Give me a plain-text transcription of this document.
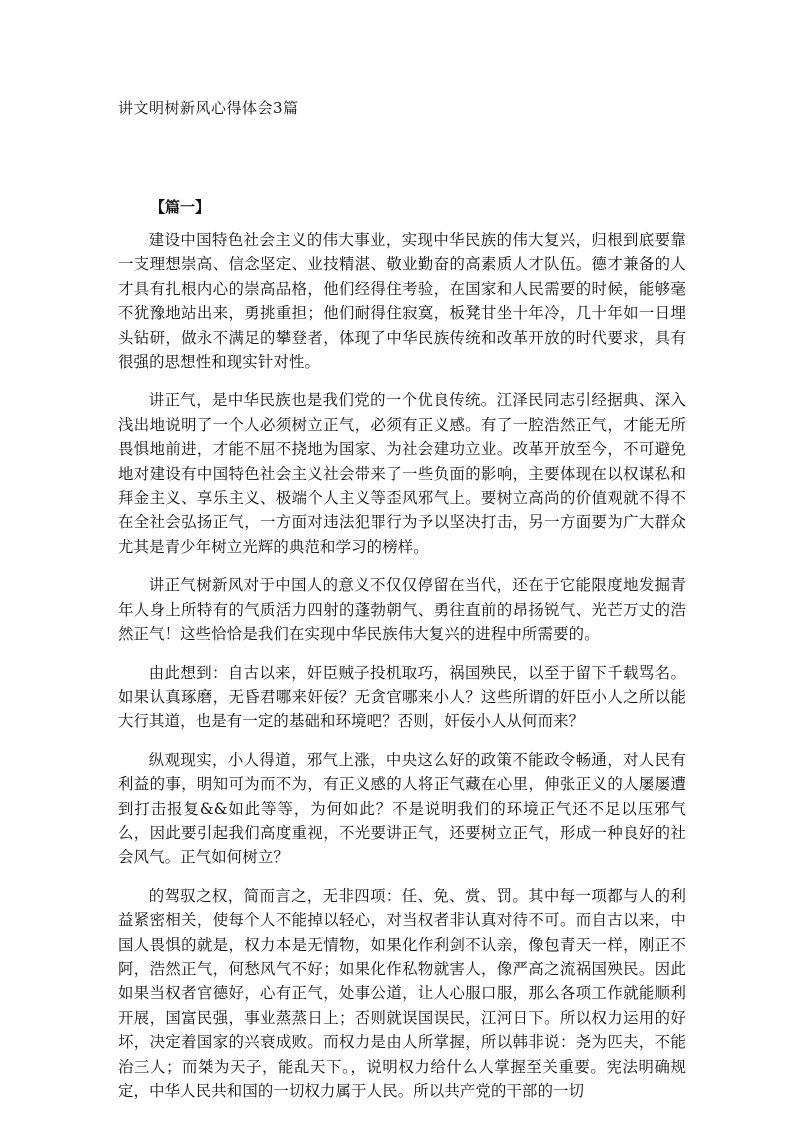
讲文明树新风心得体会3篇
【篇一】

建设中国特色社会主义的伟大事业，实现中华民族的伟大复兴，归根到底要靠一支理想崇高、信念坚定、业技精湛、敬业勤奋的高素质人才队伍。德才兼备的人才具有扎根内心的崇高品格，他们经得住考验，在国家和人民需要的时候，能够毫不犹豫地站出来，勇挑重担；他们耐得住寂寞，板凳甘坐十年冷，几十年如一日埋头钻研，做永不满足的攀登者，体现了中华民族传统和改革开放的时代要求，具有很强的思想性和现实针对性。

讲正气，是中华民族也是我们党的一个优良传统。江泽民同志引经据典、深入浅出地说明了一个人必须树立正气，必须有正义感。有了一腔浩然正气，才能无所畏惧地前进，才能不屈不挠地为国家、为社会建功立业。改革开放至今，不可避免地对建设有中国特色社会主义社会带来了一些负面的影响，主要体现在以权谋私和拜金主义、享乐主义、极端个人主义等歪风邪气上。要树立高尚的价值观就不得不在全社会弘扬正气，一方面对违法犯罪行为予以坚决打击，另一方面要为广大群众尤其是青少年树立光辉的典范和学习的榜样。

讲正气树新风对于中国人的意义不仅仅停留在当代，还在于它能限度地发掘青年人身上所特有的气质活力四射的蓬勃朝气、勇往直前的昂扬锐气、光芒万丈的浩然正气！这些恰恰是我们在实现中华民族伟大复兴的进程中所需要的。

由此想到：自古以来，奸臣贼子投机取巧，祸国殃民，以至于留下千载骂名。如果认真琢磨，无昏君哪来奸佞？无贪官哪来小人？这些所谓的奸臣小人之所以能大行其道，也是有一定的基础和环境吧？否则，奸佞小人从何而来？

纵观现实，小人得道，邪气上涨，中央这么好的政策不能政令畅通，对人民有利益的事，明知可为而不为，有正义感的人将正气藏在心里，伸张正义的人屡屡遭到打击报复&&如此等等，为何如此？不是说明我们的环境正气还不足以压邪气么，因此要引起我们高度重视，不光要讲正气，还要树立正气，形成一种良好的社会风气。正气如何树立？

的驾驭之权，简而言之，无非四项：任、免、赏、罚。其中每一项都与人的利益紧密相关，使每个人不能掉以轻心，对当权者非认真对待不可。而自古以来，中国人畏惧的就是，权力本是无情物，如果化作利剑不认亲，像包青天一样，刚正不阿，浩然正气，何愁风气不好；如果化作私物就害人，像严高之流祸国殃民。因此如果当权者官德好，心有正气，处事公道，让人心服口服，那么各项工作就能顺利开展，国富民强，事业蒸蒸日上；否则就误国误民，江河日下。所以权力运用的好坏，决定着国家的兴衰成败。而权力是由人所掌握，所以韩非说：尧为匹夫，不能治三人；而桀为天子，能乱天下。，说明权力给什么人掌握至关重要。宪法明确规定，中华人民共和国的一切权力属于人民。所以共产党的干部的一切
